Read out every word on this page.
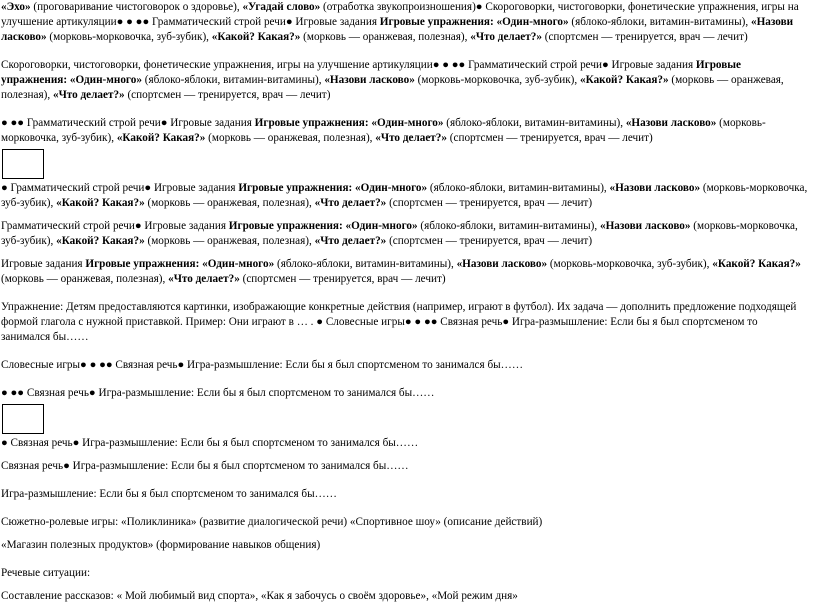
«Эхо» (проговаривание чистоговорок о здоровье), «Угадай слово» (отработка звукопроизношения)● Скороговорки, чистоговорки, фонетические упражнения, игры на улучшение артикуляции● ● ●● Грамматический строй речи● Игровые задания Игровые упражнения: «Один-много» (яблоко-яблоки, витамин-витамины), «Назови ласково» (морковь-морковочка, зуб-зубик), «Какой? Какая?» (морковь — оранжевая, полезная), «Что делает?» (спортсмен — тренируется, врач — лечит)

Скороговорки, чистоговорки, фонетические упражнения, игры на улучшение артикуляции● ● ●● Грамматический строй речи● Игровые задания Игровые упражнения: «Один-много» (яблоко-яблоки, витамин-витамины), «Назови ласково» (морковь-морковочка, зуб-зубик), «Какой? Какая?» (морковь — оранжевая, полезная), «Что делает?» (спортсмен — тренируется, врач — лечит)

● ●● Грамматический строй речи● Игровые задания Игровые упражнения: «Один-много» (яблоко-яблоки, витамин-витамины), «Назови ласково» (морковь-морковочка, зуб-зубик), «Какой? Какая?» (морковь — оранжевая, полезная), «Что делает?» (спортсмен — тренируется, врач — лечит)

● Грамматический строй речи● Игровые задания Игровые упражнения: «Один-много» (яблоко-яблоки, витамин-витамины), «Назови ласково» (морковь-морковочка, зуб-зубик), «Какой? Какая?» (морковь — оранжевая, полезная), «Что делает?» (спортсмен — тренируется, врач — лечит)

Грамматический строй речи● Игровые задания Игровые упражнения: «Один-много» (яблоко-яблоки, витамин-витамины), «Назови ласково» (морковь-морковочка, зуб-зубик), «Какой? Какая?» (морковь — оранжевая, полезная), «Что делает?» (спортсмен — тренируется, врач — лечит)

Игровые задания Игровые упражнения: «Один-много» (яблоко-яблоки, витамин-витамины), «Назови ласково» (морковь-морковочка, зуб-зубик), «Какой? Какая?» (морковь — оранжевая, полезная), «Что делает?» (спортсмен — тренируется, врач — лечит)

Упражнение: Детям предоставляются картинки, изображающие конкретные действия (например, играют в футбол). Их задача — дополнить предложение подходящей формой глагола с нужной приставкой. Пример: Они играют в … . ● Словесные игры● ● ●● Связная речь● Игра-размышление: Если бы я был спортсменом то занимался бы……

Словесные игры● ● ●● Связная речь● Игра-размышление: Если бы я был спортсменом то занимался бы……

● ●● Связная речь● Игра-размышление: Если бы я был спортсменом то занимался бы……

● Связная речь● Игра-размышление: Если бы я был спортсменом то занимался бы……

Связная речь● Игра-размышление: Если бы я был спортсменом то занимался бы……

Игра-размышление: Если бы я был спортсменом то занимался бы……

Сюжетно-ролевые игры: «Поликлиника» (развитие диалогической речи) «Спортивное шоу» (описание действий)

«Магазин полезных продуктов» (формирование навыков общения)

Речевые ситуации:

Составление рассказов: « Мой любимый вид спорта», «Как я забочусь о своём здоровье», «Мой режим дня»
